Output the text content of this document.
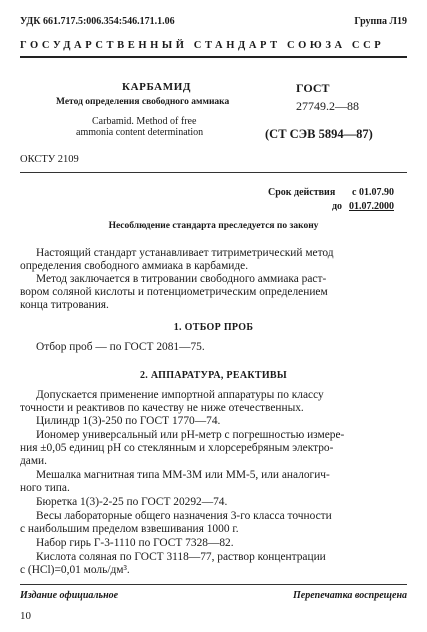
УДК 661.717.5:006.354:546.171.1.06	Группа Л19
ГОСУДАРСТВЕННЫЙ СТАНДАРТ СОЮЗА ССР
КАРБАМИД
Метод определения свободного аммиака
Carbamid. Method of free
ammonia content determination
ГОСТ
27749.2—88
(СТ СЭВ 5894—87)
ОКСТУ 2109
Срок действия с 01.07.90
до 01.07.2000
Несоблюдение стандарта преследуется по закону
Настоящий стандарт устанавливает титриметрический метод
определения свободного аммиака в карбамиде.
Метод заключается в титровании свободного аммиака раст-
вором соляной кислоты и потенциометрическим определением
конца титрования.
1. ОТБОР ПРОБ
Отбор проб — по ГОСТ 2081—75.
2. АППАРАТУРА, РЕАКТИВЫ
Допускается применение импортной аппаратуры по классу
точности и реактивов по качеству не ниже отечественных.
Цилиндр 1(3)-250 по ГОСТ 1770—74.
Иономер универсальный или pH-метр с погрешностью измере-
ния ±0,05 единиц pH со стеклянным и хлорсеребряным электро-
дами.
Мешалка магнитная типа ММ-3М или ММ-5, или аналогич-
ного типа.
Бюретка 1(3)-2-25 по ГОСТ 20292—74.
Весы лабораторные общего назначения 3-го класса точности
с наибольшим пределом взвешивания 1000 г.
Набор гирь Г-3-1110 по ГОСТ 7328—82.
Кислота соляная по ГОСТ 3118—77, раствор концентрации
с (HCl)=0,01 моль/дм³.
Издание официальное	Перепечатка воспрещена
10
